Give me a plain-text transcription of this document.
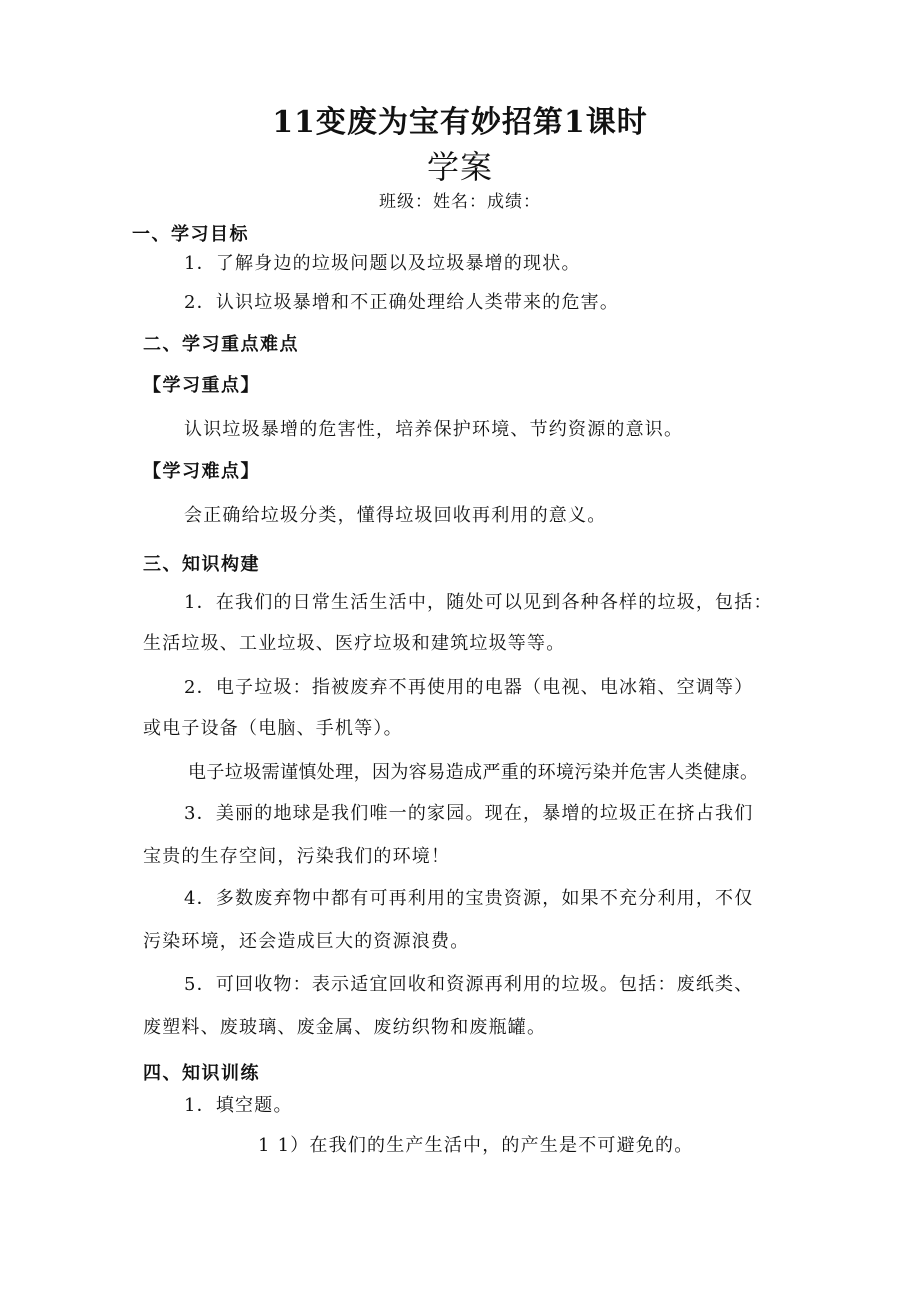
11变废为宝有妙招第1课时
学案
班级：姓名：成绩：
一、学习目标
1．了解身边的垃圾问题以及垃圾暴增的现状。
2．认识垃圾暴增和不正确处理给人类带来的危害。
二、学习重点难点
【学习重点】
认识垃圾暴增的危害性，培养保护环境、节约资源的意识。
【学习难点】
会正确给垃圾分类，懂得垃圾回收再利用的意义。
三、知识构建
1．在我们的日常生活生活中，随处可以见到各种各样的垃圾，包括：
生活垃圾、工业垃圾、医疗垃圾和建筑垃圾等等。
2．电子垃圾：指被废弃不再使用的电器（电视、电冰箱、空调等）
或电子设备（电脑、手机等）。
电子垃圾需谨慎处理，因为容易造成严重的环境污染并危害人类健康。
3．美丽的地球是我们唯一的家园。现在，暴增的垃圾正在挤占我们
宝贵的生存空间，污染我们的环境！
4．多数废弃物中都有可再利用的宝贵资源，如果不充分利用，不仅
污染环境，还会造成巨大的资源浪费。
5．可回收物：表示适宜回收和资源再利用的垃圾。包括：废纸类、
废塑料、废玻璃、废金属、废纺织物和废瓶罐。
四、知识训练
1．填空题。
1 1）在我们的生产生活中，的产生是不可避免的。
